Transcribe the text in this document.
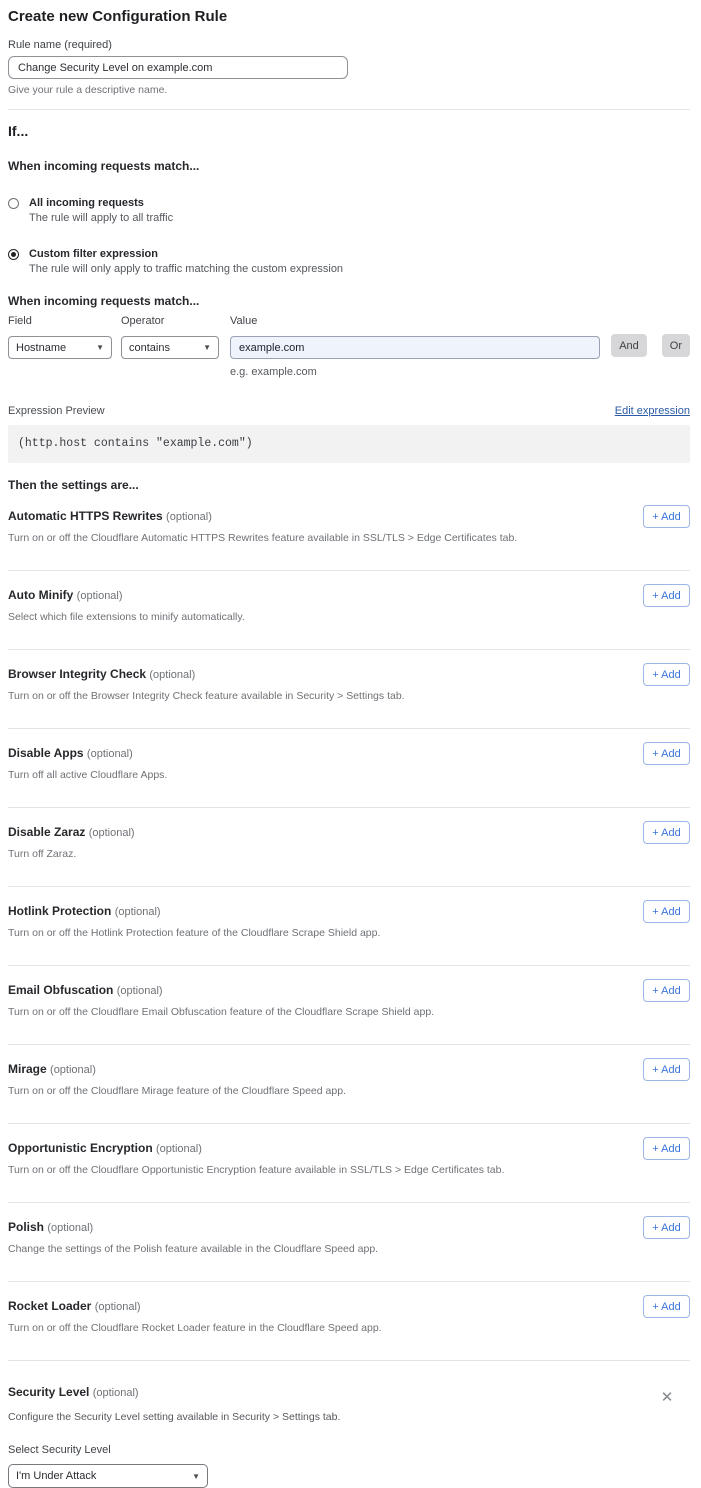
Create new Configuration Rule
Rule name (required)
Change Security Level on example.com
Give your rule a descriptive name.
If...
When incoming requests match...
All incoming requests
The rule will apply to all traffic
Custom filter expression
The rule will only apply to traffic matching the custom expression
When incoming requests match...
Field
Hostname	▼
Operator
contains	▼
Value
example.com
e.g. example.com
And	Or
Expression Preview	Edit expression
(http.host contains "example.com")
Then the settings are...
Automatic HTTPS Rewrites (optional)
Turn on or off the Cloudflare Automatic HTTPS Rewrites feature available in SSL/TLS > Edge Certificates tab.
+ Add
Auto Minify (optional)
Select which file extensions to minify automatically.
+ Add
Browser Integrity Check (optional)
Turn on or off the Browser Integrity Check feature available in Security > Settings tab.
+ Add
Disable Apps (optional)
Turn off all active Cloudflare Apps.
+ Add
Disable Zaraz (optional)
Turn off Zaraz.
+ Add
Hotlink Protection (optional)
Turn on or off the Hotlink Protection feature of the Cloudflare Scrape Shield app.
+ Add
Email Obfuscation (optional)
Turn on or off the Cloudflare Email Obfuscation feature of the Cloudflare Scrape Shield app.
+ Add
Mirage (optional)
Turn on or off the Cloudflare Mirage feature of the Cloudflare Speed app.
+ Add
Opportunistic Encryption (optional)
Turn on or off the Cloudflare Opportunistic Encryption feature available in SSL/TLS > Edge Certificates tab.
+ Add
Polish (optional)
Change the settings of the Polish feature available in the Cloudflare Speed app.
+ Add
Rocket Loader (optional)
Turn on or off the Cloudflare Rocket Loader feature in the Cloudflare Speed app.
+ Add
Security Level (optional)	✕
Configure the Security Level setting available in Security > Settings tab.
Select Security Level
I'm Under Attack	▼
